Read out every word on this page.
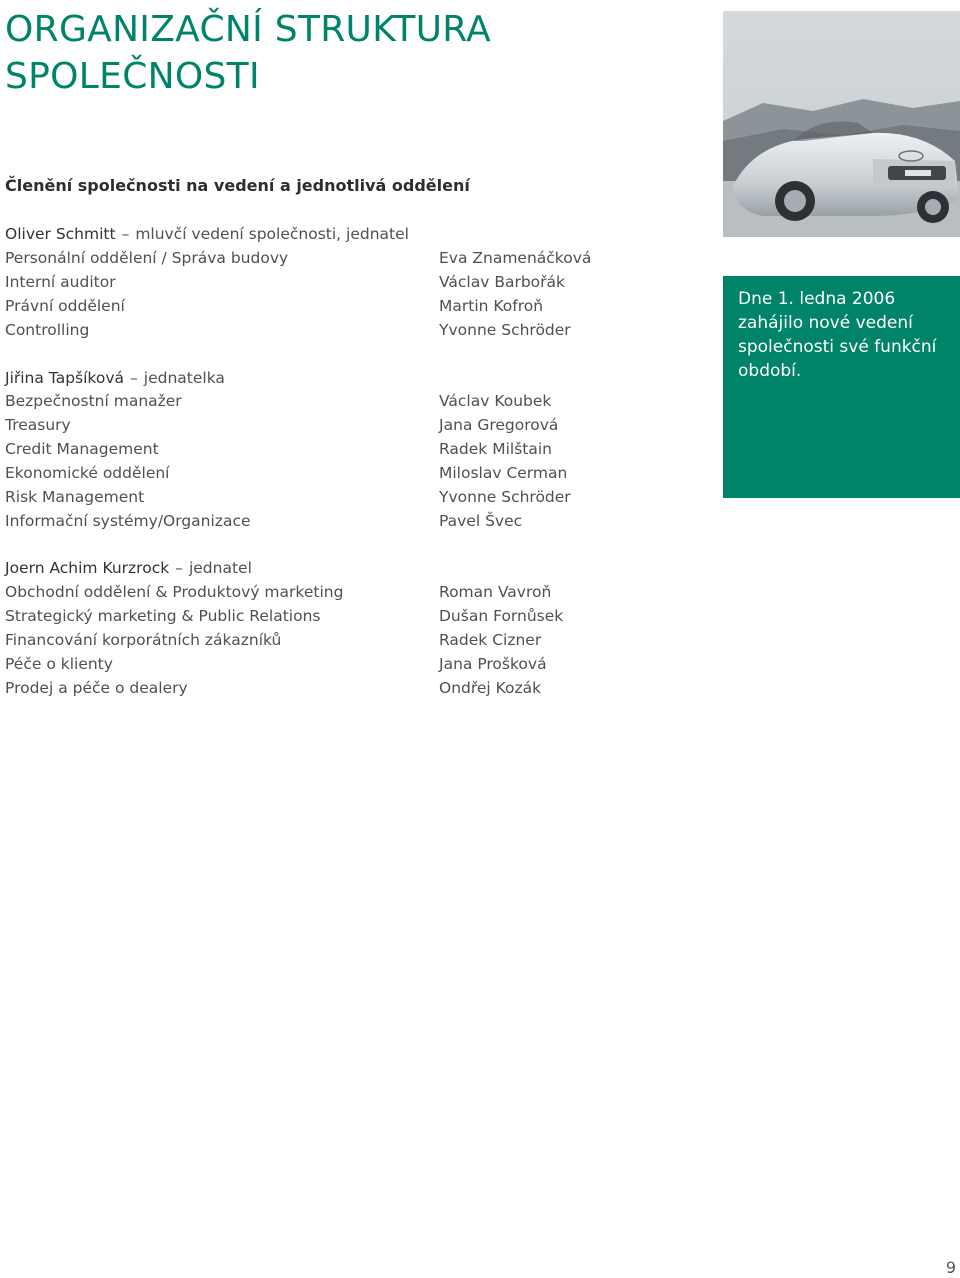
ORGANIZAČNÍ STRUKTURA
SPOLEČNOSTI
Členění společnosti na vedení a jednotlivá oddělení
Oliver Schmitt – mluvčí vedení společnosti, jednatel
Personální oddělení / Správa budovy	Eva Znamenáčková
Interní auditor	Václav Barbořák
Právní oddělení	Martin Kofroň
Controlling	Yvonne Schröder
Jiřina Tapšíková – jednatelka
Bezpečnostní manažer	Václav Koubek
Treasury	Jana Gregorová
Credit Management	Radek Milštain
Ekonomické oddělení	Miloslav Cerman
Risk Management	Yvonne Schröder
Informační systémy/Organizace	Pavel Švec
Joern Achim Kurzrock – jednatel
Obchodní oddělení & Produktový marketing	Roman Vavroň
Strategický marketing & Public Relations	Dušan Fornůsek
Financování korporátních zákazníků	Radek Cizner
Péče o klienty	Jana Prošková
Prodej a péče o dealery	Ondřej Kozák
Dne 1. ledna 2006
zahájilo nové vedení
společnosti své funkční
období.
9
